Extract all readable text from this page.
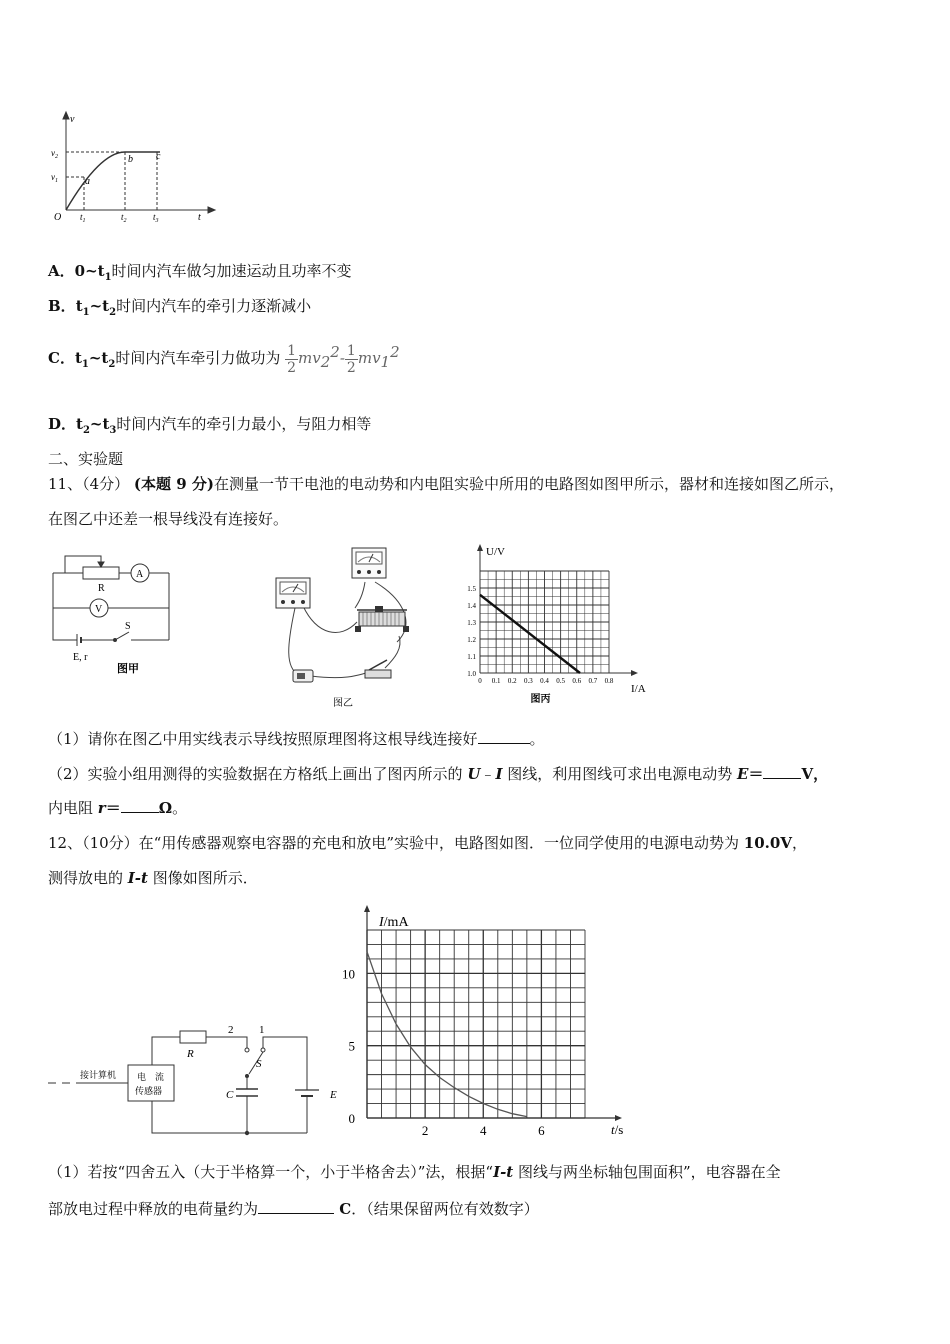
v
t
O
$v_2$
$v_1$
$t_1$	$t_2$	$t_3$
a
b c
A．$0\sim t_1$时间内汽车做匀加速运动且功率不变
B．$t_1\sim t_2$时间内汽车的牵引力逐渐减小
C．$t_1\sim t_2$时间内汽车牵引力做功为 $\frac{1}{2} mv_2^2- \frac{1}{2} mv_1^2$
D．$t_2\sim t_3$时间内汽车的牵引力最小，与阻力相等
二、实验题
11、（4分） (本题 9 分)在测量一节干电池的电动势和内电阻实验中所用的电路图如图甲所示，器材和连接如图乙所示，
在图乙中还差一根导线没有连接好。
R
A
V
S
E, r
图甲
图乙
1.0
1.1
1.2
1.3
1.4
1.5
0 0.1 0.2 0.3 0.4 0.5 0.6 0.7 0.8
U/V
I/A
图丙
（1）请你在图乙中用实线表示导线按照原理图将这根导线连接好	。
（2）实验小组用测得的实验数据在方格纸上画出了图丙所示的 U﹣I 图线，利用图线可求出电源电动势 E＝	V，
内电阻 r＝	Ω。
12、（10分）在“用传感器观察电容器的充电和放电”实验中，电路图如图．一位同学使用的电源电动势为 10.0V，
测得放电的 I-t 图像如图所示．
接计算机 电　流
传感器
R
2 1
S
C	E
0
5
10
2	4	6
I/mA
t/s
（1）若按“四舍五入（大于半格算一个，小于半格舍去）”法，根据“I-t 图线与两坐标轴包围面积”，电容器在全
部放电过程中释放的电荷量约为	C．（结果保留两位有效数字）
